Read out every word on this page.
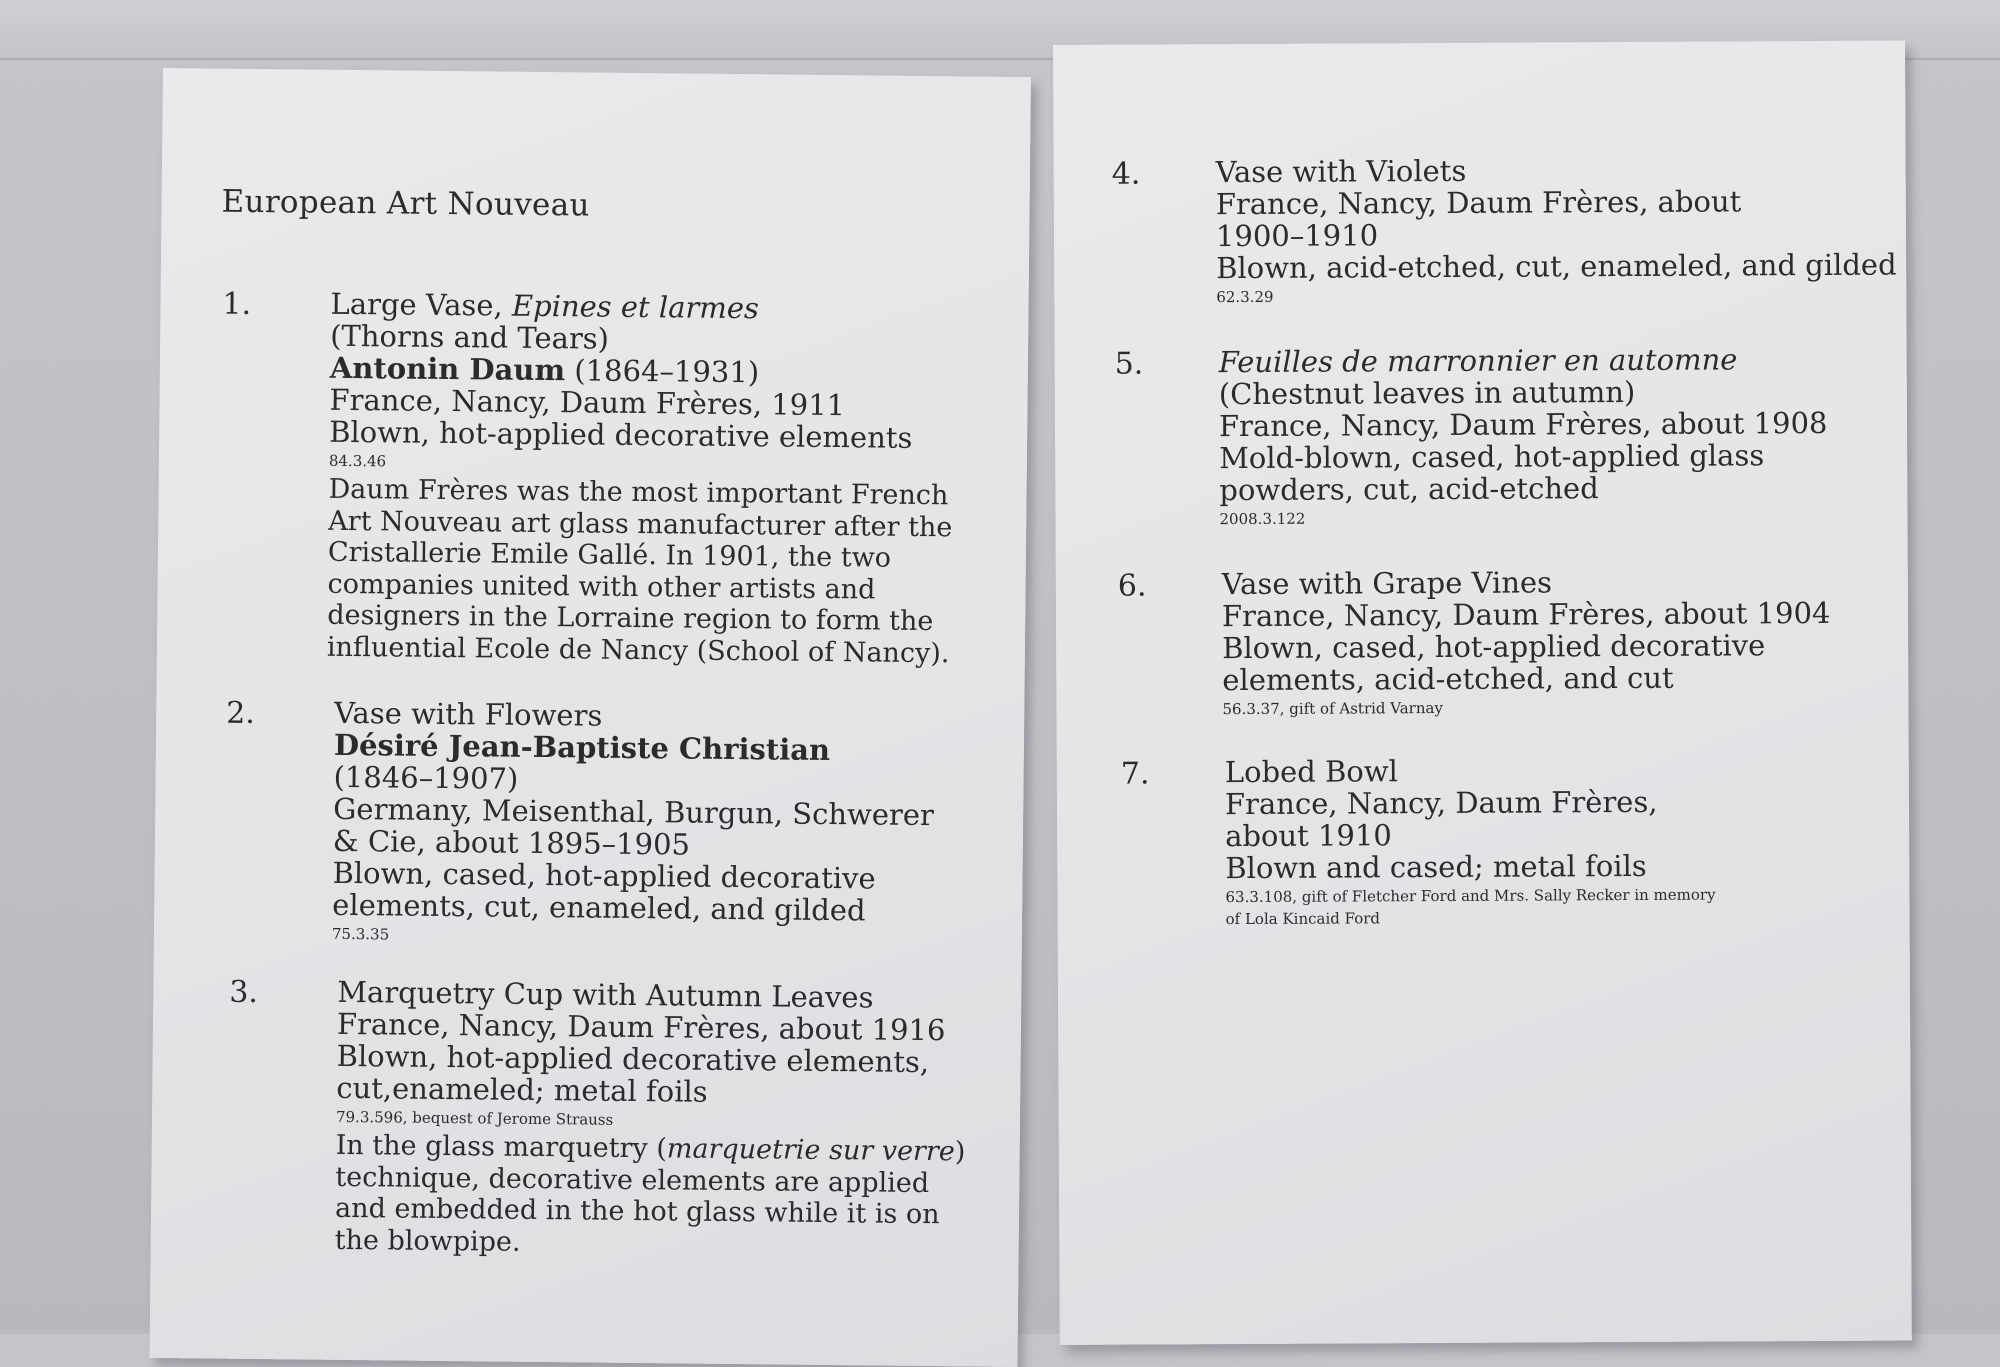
European Art Nouveau
1.	Large Vase, Epines et larmes
(Thorns and Tears)
Antonin Daum (1864–1931)
France, Nancy, Daum Frères, 1911
Blown, hot-applied decorative elements
84.3.46
Daum Frères was the most important French
Art Nouveau art glass manufacturer after the
Cristallerie Emile Gallé. In 1901, the two
companies united with other artists and
designers in the Lorraine region to form the
influential Ecole de Nancy (School of Nancy).
2.	Vase with Flowers
Désiré Jean-Baptiste Christian
(1846–1907)
Germany, Meisenthal, Burgun, Schwerer
& Cie, about 1895–1905
Blown, cased, hot-applied decorative
elements, cut, enameled, and gilded
75.3.35
3.	Marquetry Cup with Autumn Leaves
France, Nancy, Daum Frères, about 1916
Blown, hot-applied decorative elements,
cut,enameled; metal foils
79.3.596, bequest of Jerome Strauss
In the glass marquetry (marquetrie sur verre)
technique, decorative elements are applied
and embedded in the hot glass while it is on
the blowpipe.
4.	Vase with Violets
France, Nancy, Daum Frères, about
1900–1910
Blown, acid-etched, cut, enameled, and gilded
62.3.29
5.	Feuilles de marronnier en automne
(Chestnut leaves in autumn)
France, Nancy, Daum Frères, about 1908
Mold-blown, cased, hot-applied glass
powders, cut, acid-etched
2008.3.122
6.	Vase with Grape Vines
France, Nancy, Daum Frères, about 1904
Blown, cased, hot-applied decorative
elements, acid-etched, and cut
56.3.37, gift of Astrid Varnay
7.	Lobed Bowl
France, Nancy, Daum Frères,
about 1910
Blown and cased; metal foils
63.3.108, gift of Fletcher Ford and Mrs. Sally Recker in memory
of Lola Kincaid Ford
